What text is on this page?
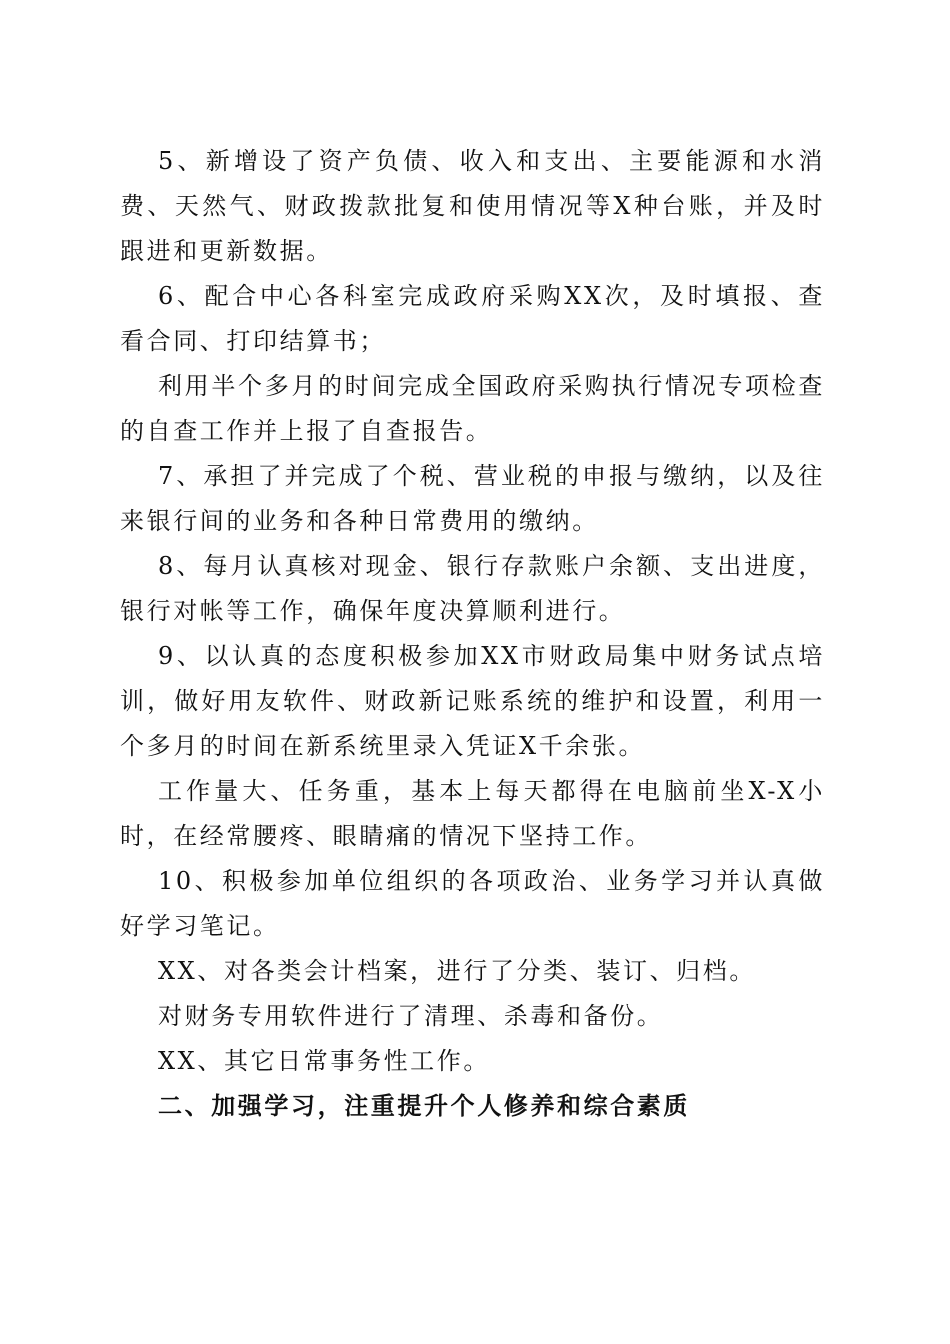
5、新增设了资产负债、收入和支出、主要能源和水消费、天然气、财政拨款批复和使用情况等X种台账，并及时跟进和更新数据。

6、配合中心各科室完成政府采购XX次，及时填报、查看合同、打印结算书；

利用半个多月的时间完成全国政府采购执行情况专项检查的自查工作并上报了自查报告。

7、承担了并完成了个税、营业税的申报与缴纳，以及往来银行间的业务和各种日常费用的缴纳。

8、每月认真核对现金、银行存款账户余额、支出进度，银行对帐等工作，确保年度决算顺利进行。

9、以认真的态度积极参加XX市财政局集中财务试点培训，做好用友软件、财政新记账系统的维护和设置，利用一个多月的时间在新系统里录入凭证X千余张。

工作量大、任务重，基本上每天都得在电脑前坐X-X小时，在经常腰疼、眼睛痛的情况下坚持工作。

10、积极参加单位组织的各项政治、业务学习并认真做好学习笔记。

XX、对各类会计档案，进行了分类、装订、归档。

对财务专用软件进行了清理、杀毒和备份。

XX、其它日常事务性工作。

二、加强学习，注重提升个人修养和综合素质
